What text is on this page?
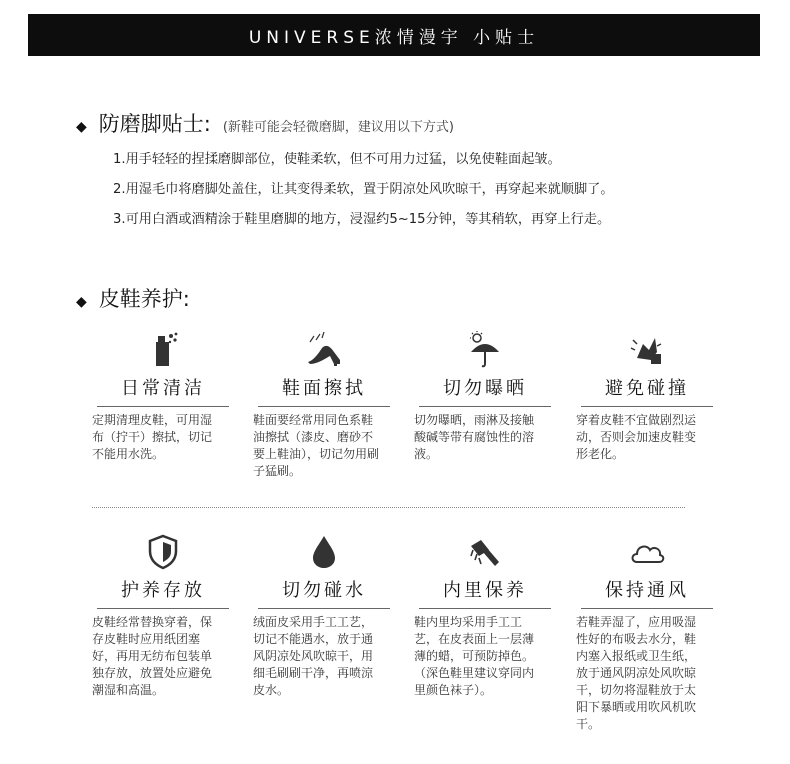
UNIVERSE浓情漫宇 小贴士
◆ 防磨脚贴士: (新鞋可能会轻微磨脚，建议用以下方式)
1.用手轻轻的捏揉磨脚部位，使鞋柔软，但不可用力过猛，以免使鞋面起皱。
2.用湿毛巾将磨脚处盖住，让其变得柔软，置于阴凉处风吹晾干，再穿起来就顺脚了。
3.可用白酒或酒精涂于鞋里磨脚的地方，浸湿约5~15分钟，等其稍软，再穿上行走。
◆ 皮鞋养护:
日常清洁
定期清理皮鞋，可用湿布（拧干）擦拭，切记不能用水洗。
鞋面擦拭
鞋面要经常用同色系鞋油擦拭（漆皮、磨砂不要上鞋油），切记勿用刷子猛刷。
切勿曝晒
切勿曝晒，雨淋及接触酸碱等带有腐蚀性的溶液。
避免碰撞
穿着皮鞋不宜做剧烈运动，否则会加速皮鞋变形老化。
护养存放
皮鞋经常替换穿着，保存皮鞋时应用纸团塞好，再用无纺布包装单独存放，放置处应避免潮湿和高温。
切勿碰水
绒面皮采用手工工艺，切记不能遇水，放于通风阴凉处风吹晾干，用细毛刷刷干净，再喷涼皮水。
内里保养
鞋内里均采用手工工艺，在皮表面上一层薄薄的蜡，可预防掉色。（深色鞋里建议穿同内里颜色袜子）。
保持通风
若鞋弄湿了，应用吸湿性好的布吸去水分，鞋内塞入报纸或卫生纸，放于通风阴凉处风吹晾干，切勿将湿鞋放于太阳下暴晒或用吹风机吹干。
